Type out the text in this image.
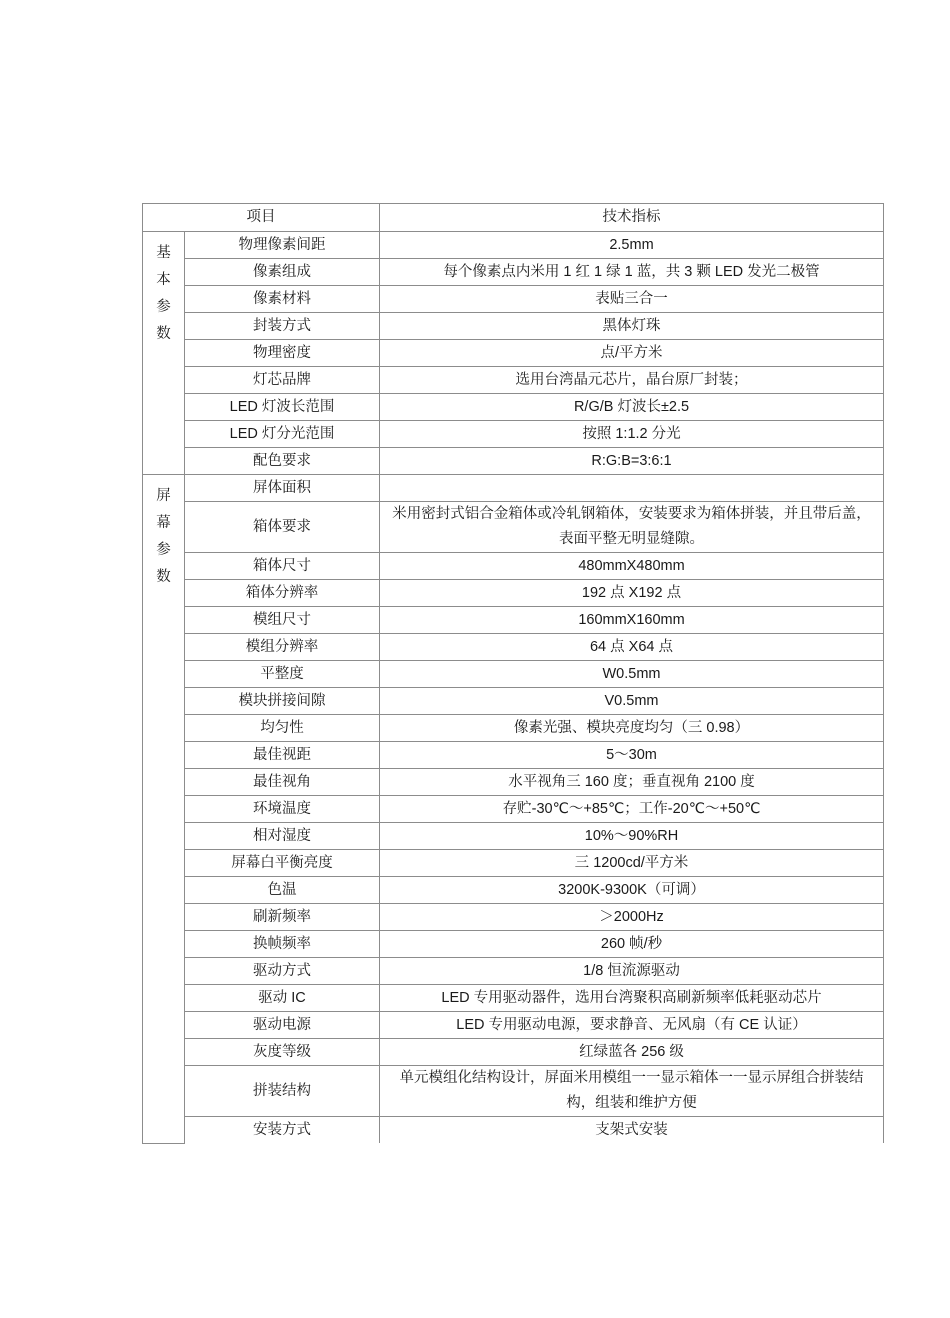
项目		技术指标

基
本
参
数	物理像素间距	2.5mm
	像素组成	每个像素点内米用 1 红 1 绿 1 蓝，共 3 颗 LED 发光二极管
	像素材料	表贴三合一
	封装方式	黑体灯珠
	物理密度	点/平方米
	灯芯品牌	选用台湾晶元芯片，晶台原厂封装；
	LED 灯波长范围	R/G/B 灯波长±2.5
	LED 灯分光范围	按照 1:1.2 分光
	配色要求	R:G:B=3:6:1

屏
幕
参
数	屏体面积	
	箱体要求	米用密封式铝合金箱体或冷轧钢箱体，安装要求为箱体拼装，并且带后盖，表面平整无明显缝隙。
	箱体尺寸	480mmX480mm
	箱体分辨率	192 点 X192 点
	模组尺寸	160mmX160mm
	模组分辨率	64 点 X64 点
	平整度	W0.5mm
	模块拼接间隙	V0.5mm
	均匀性	像素光强、模块亮度均匀（三 0.98）
	最佳视距	5〜30m
	最佳视角	水平视角三 160 度；垂直视角 2100 度
	环境温度	存贮-30℃〜+85℃；工作-20℃〜+50℃
	相对湿度	10%〜90%RH
	屏幕白平衡亮度	三 1200cd/平方米
	色温	3200K-9300K（可调）
	刷新频率	＞2000Hz
	换帧频率	260 帧/秒
	驱动方式	1/8 恒流源驱动
	驱动 IC	LED 专用驱动器件，选用台湾聚积高刷新频率低耗驱动芯片
	驱动电源	LED 专用驱动电源，要求静音、无风扇（有 CE 认证）
	灰度等级	红绿蓝各 256 级
	拼装结构	单元模组化结构设计，屏面米用模组一一显示箱体一一显示屏组合拼装结构，组装和维护方便
	安装方式	支架式安装
